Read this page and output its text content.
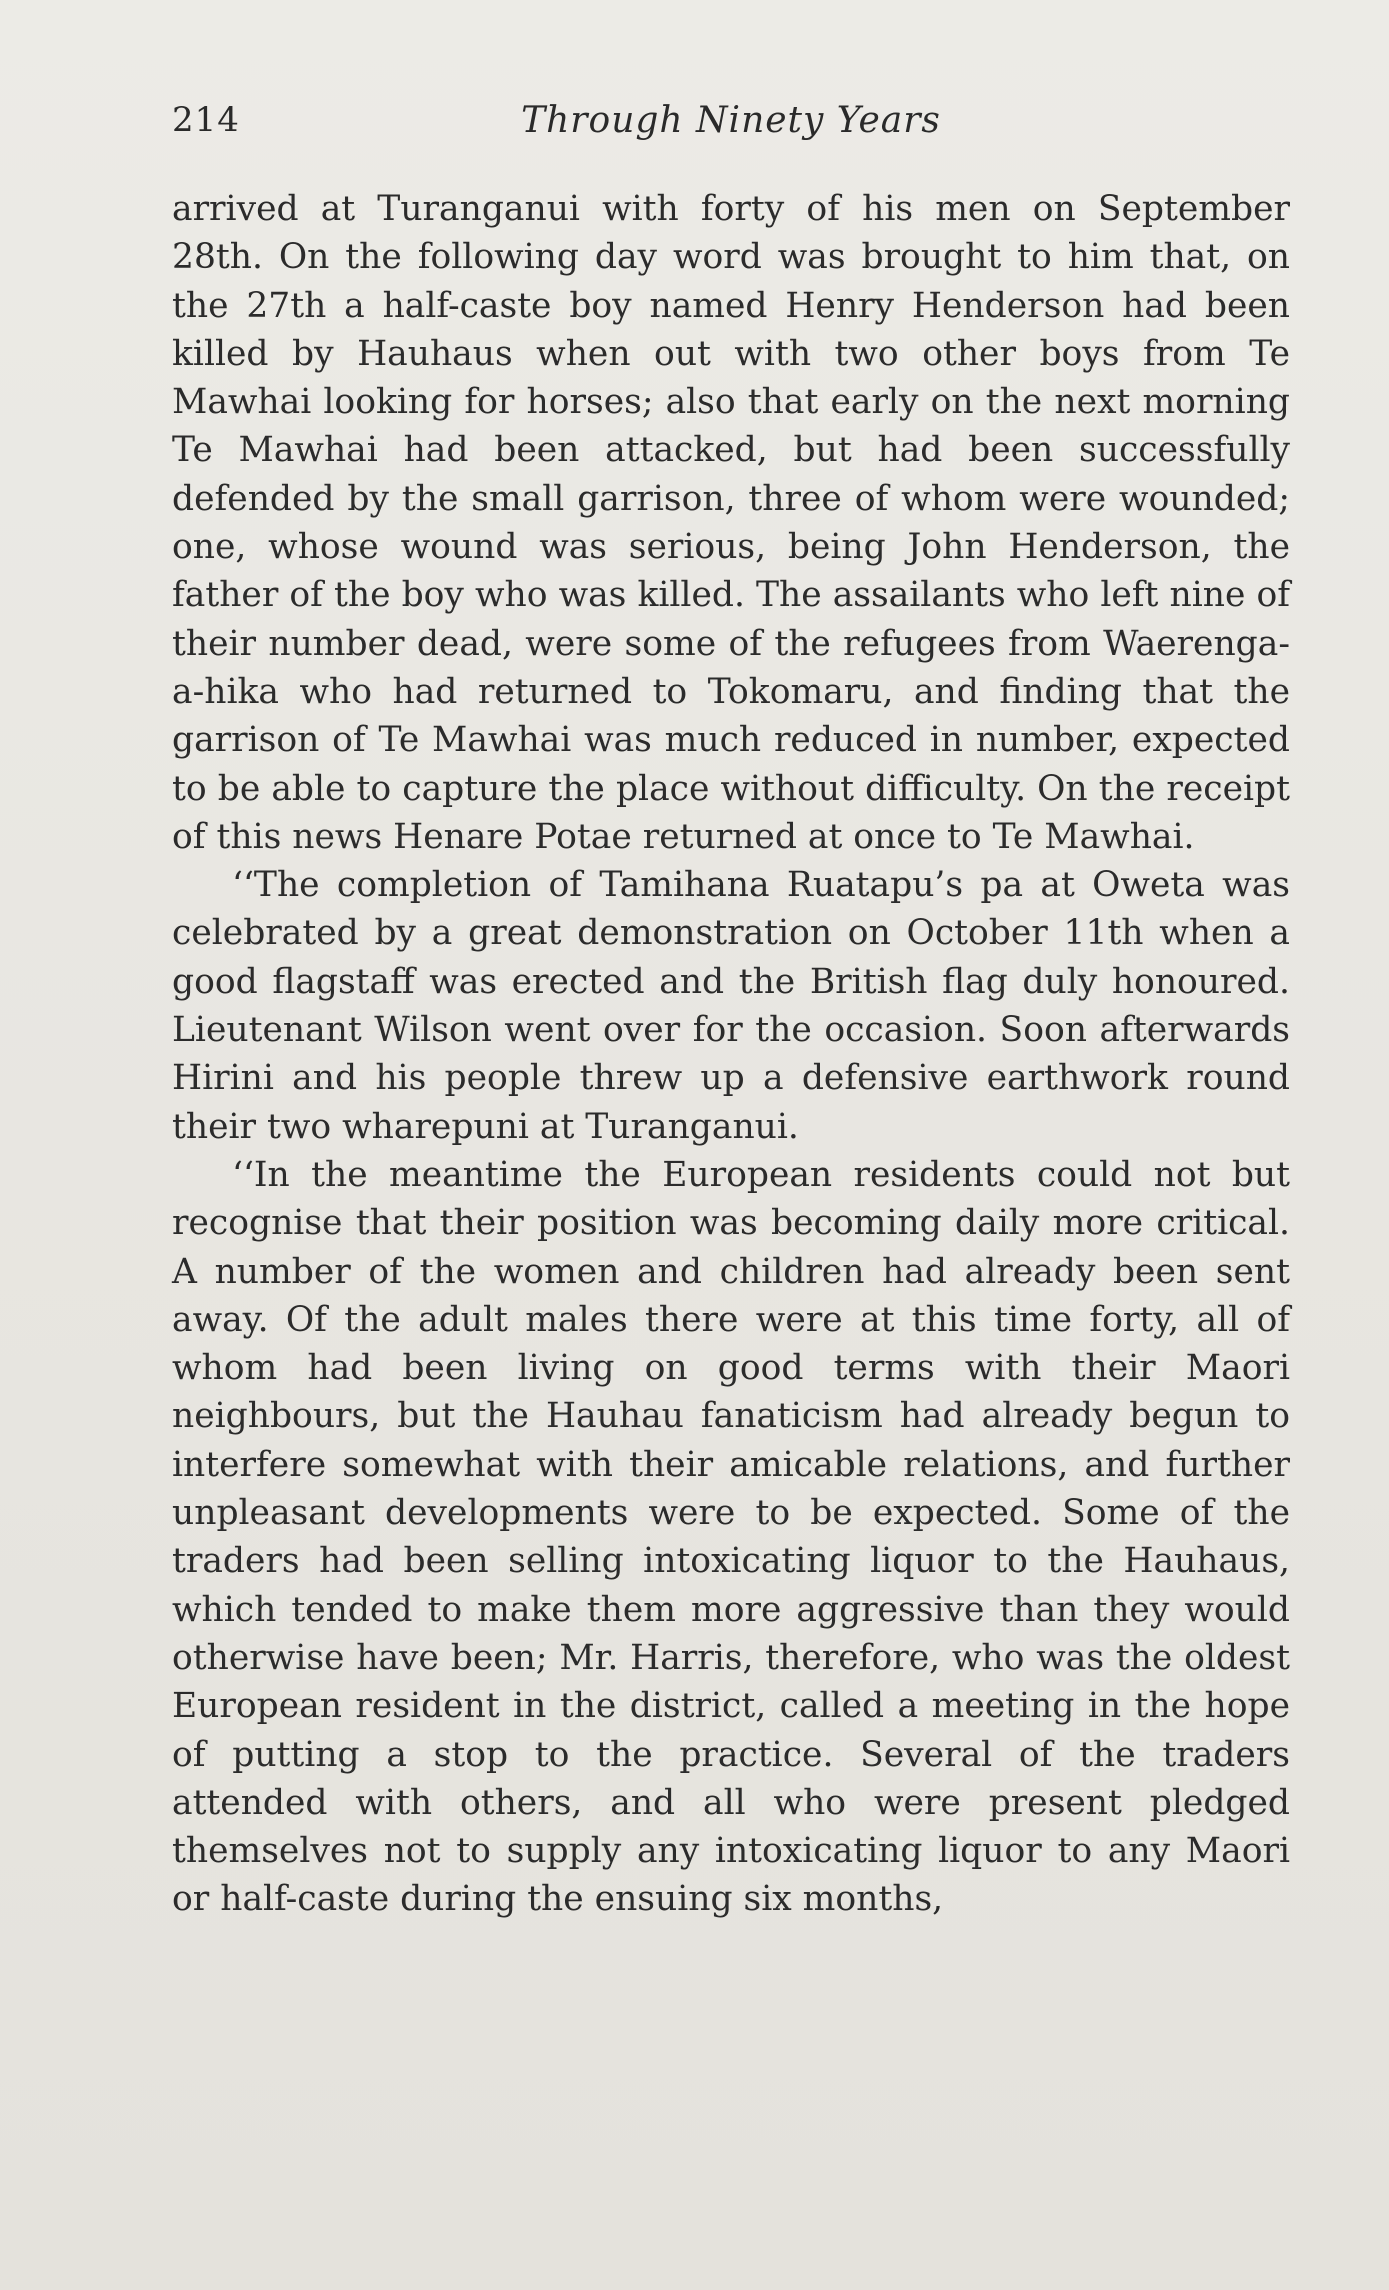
214	Through Ninety Years

arrived at Turanganui with forty of his men on September 28th. On the following day word was brought to him that, on the 27th a half-caste boy named Henry Henderson had been killed by Hauhaus when out with two other boys from Te Mawhai looking for horses; also that early on the next morning Te Mawhai had been attacked, but had been successfully defended by the small garrison, three of whom were wounded; one, whose wound was serious, being John Henderson, the father of the boy who was killed. The assailants who left nine of their number dead, were some of the refugees from Waerenga-a-hika who had returned to Tokomaru, and finding that the garrison of Te Mawhai was much reduced in number, expected to be able to capture the place without difficulty. On the receipt of this news Henare Potae returned at once to Te Mawhai.

‘‘The completion of Tamihana Ruatapu’s pa at Oweta was celebrated by a great demonstration on October 11th when a good flagstaff was erected and the British flag duly honoured. Lieutenant Wilson went over for the occasion. Soon afterwards Hirini and his people threw up a defensive earthwork round their two wharepuni at Turanganui.

‘‘In the meantime the European residents could not but recognise that their position was becoming daily more critical. A number of the women and children had already been sent away. Of the adult males there were at this time forty, all of whom had been living on good terms with their Maori neighbours, but the Hauhau fanaticism had already begun to interfere somewhat with their amicable relations, and further unpleasant developments were to be expected. Some of the traders had been selling intoxicating liquor to the Hauhaus, which tended to make them more aggressive than they would otherwise have been; Mr. Harris, therefore, who was the oldest European resident in the district, called a meeting in the hope of putting a stop to the practice. Several of the traders attended with others, and all who were present pledged themselves not to supply any intoxicating liquor to any Maori or half-caste during the ensuing six months,
